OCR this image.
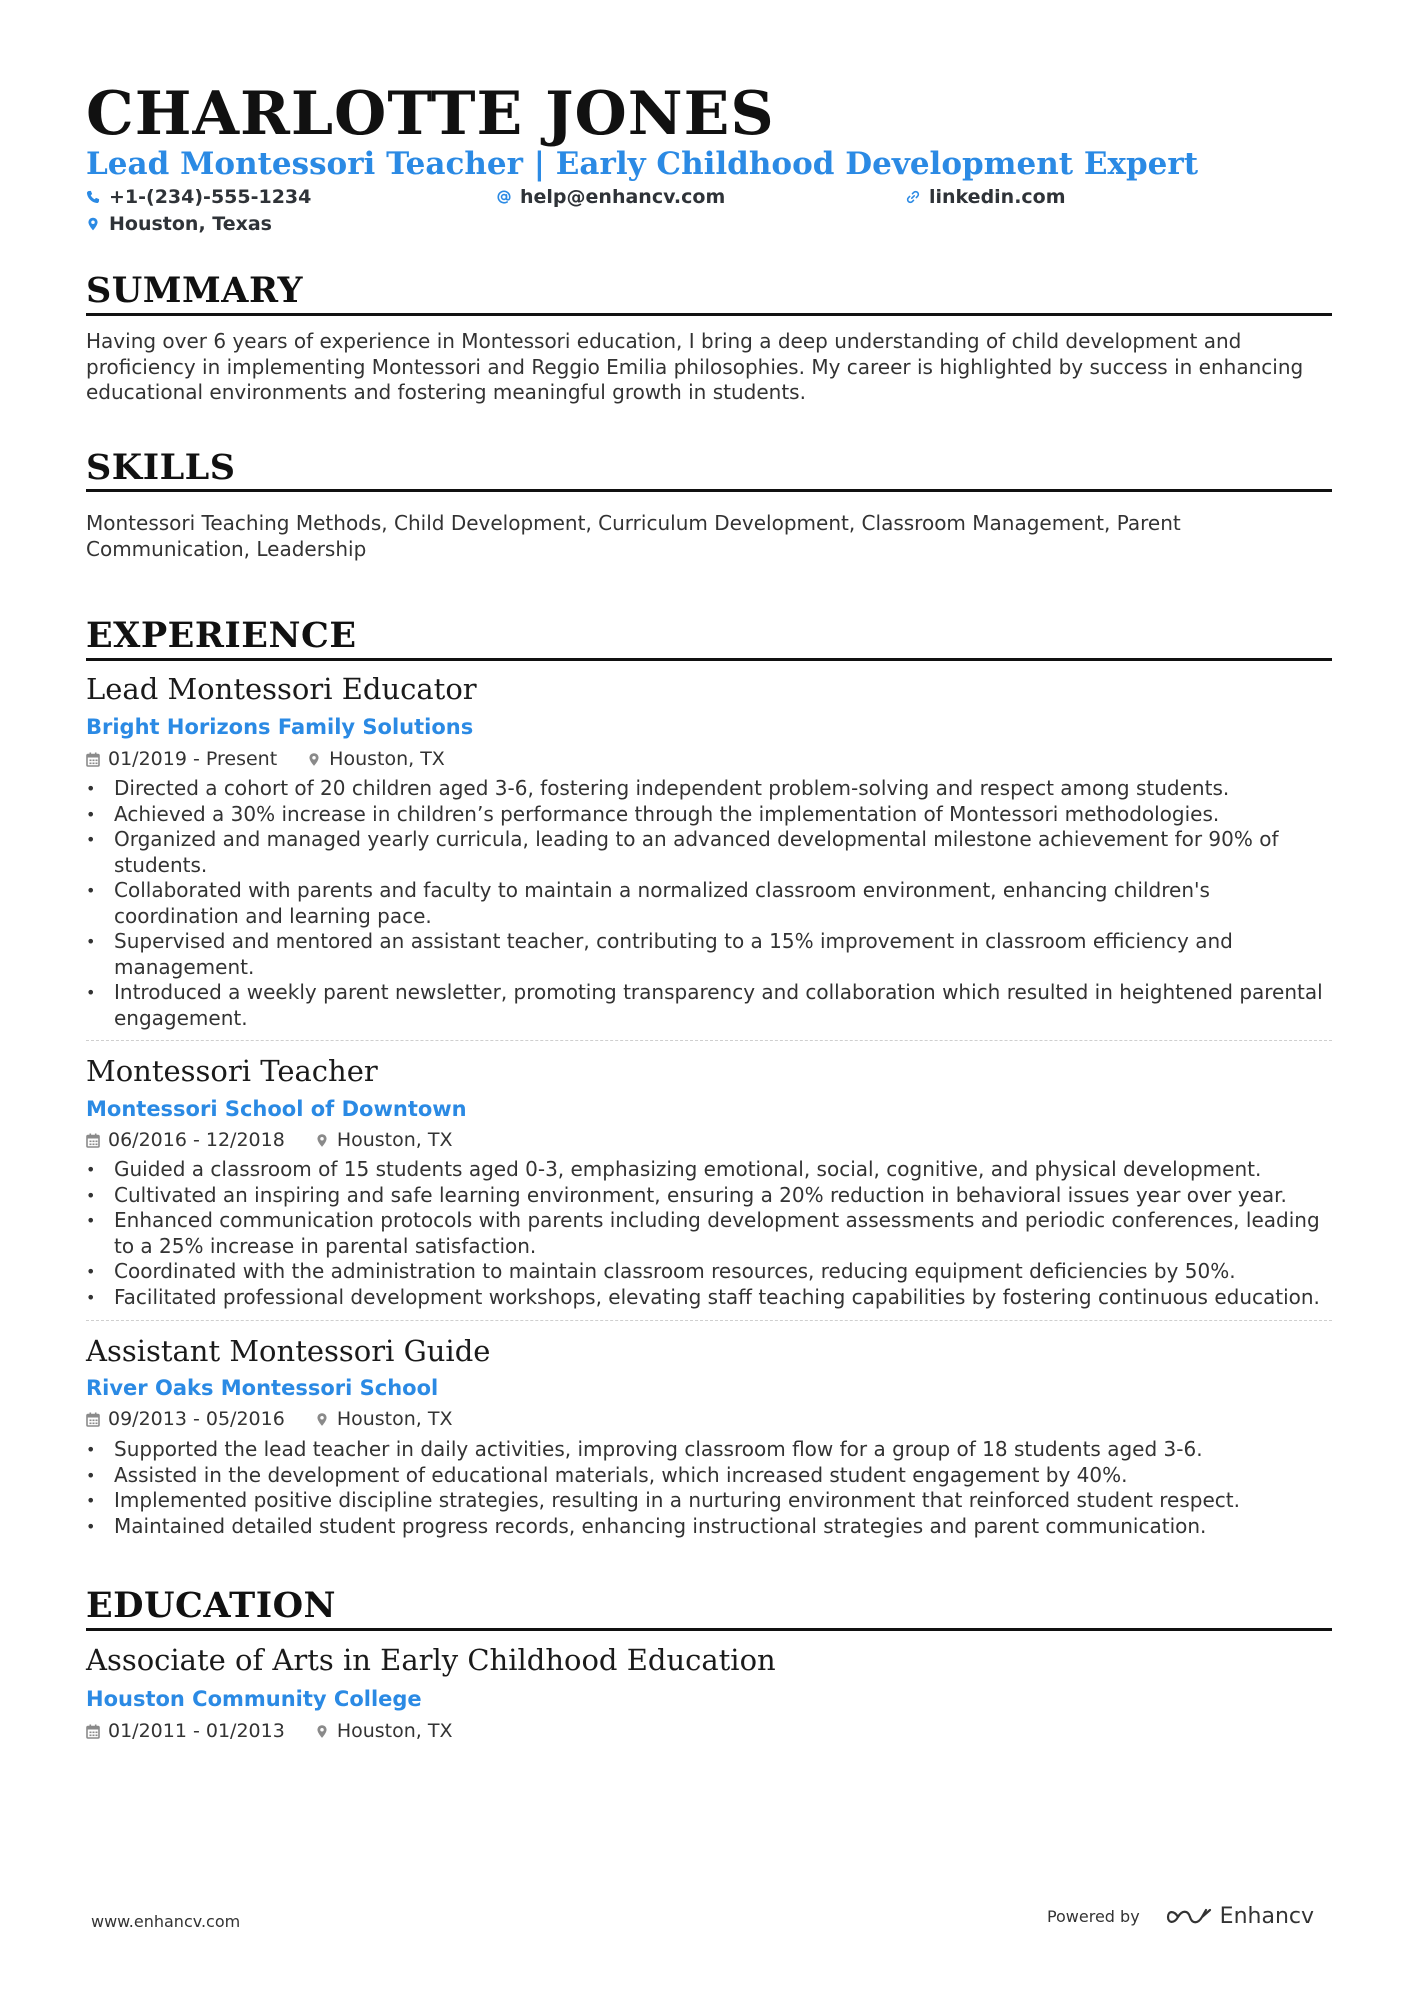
CHARLOTTE JONES
Lead Montessori Teacher | Early Childhood Development Expert
+1-(234)-555-1234	help@enhancv.com	linkedin.com
Houston, Texas
SUMMARY
Having over 6 years of experience in Montessori education, I bring a deep understanding of child development and proficiency in implementing Montessori and Reggio Emilia philosophies. My career is highlighted by success in enhancing educational environments and fostering meaningful growth in students.
SKILLS
Montessori Teaching Methods, Child Development, Curriculum Development, Classroom Management, Parent Communication, Leadership
EXPERIENCE
Lead Montessori Educator
Bright Horizons Family Solutions
01/2019 - Present	Houston, TX
• Directed a cohort of 20 children aged 3-6, fostering independent problem-solving and respect among students.
• Achieved a 30% increase in children’s performance through the implementation of Montessori methodologies.
• Organized and managed yearly curricula, leading to an advanced developmental milestone achievement for 90% of students.
• Collaborated with parents and faculty to maintain a normalized classroom environment, enhancing children's coordination and learning pace.
• Supervised and mentored an assistant teacher, contributing to a 15% improvement in classroom efficiency and management.
• Introduced a weekly parent newsletter, promoting transparency and collaboration which resulted in heightened parental engagement.
Montessori Teacher
Montessori School of Downtown
06/2016 - 12/2018	Houston, TX
• Guided a classroom of 15 students aged 0-3, emphasizing emotional, social, cognitive, and physical development.
• Cultivated an inspiring and safe learning environment, ensuring a 20% reduction in behavioral issues year over year.
• Enhanced communication protocols with parents including development assessments and periodic conferences, leading to a 25% increase in parental satisfaction.
• Coordinated with the administration to maintain classroom resources, reducing equipment deficiencies by 50%.
• Facilitated professional development workshops, elevating staff teaching capabilities by fostering continuous education.
Assistant Montessori Guide
River Oaks Montessori School
09/2013 - 05/2016	Houston, TX
• Supported the lead teacher in daily activities, improving classroom flow for a group of 18 students aged 3-6.
• Assisted in the development of educational materials, which increased student engagement by 40%.
• Implemented positive discipline strategies, resulting in a nurturing environment that reinforced student respect.
• Maintained detailed student progress records, enhancing instructional strategies and parent communication.
EDUCATION
Associate of Arts in Early Childhood Education
Houston Community College
01/2011 - 01/2013	Houston, TX
www.enhancv.com	Powered by	Enhancv
